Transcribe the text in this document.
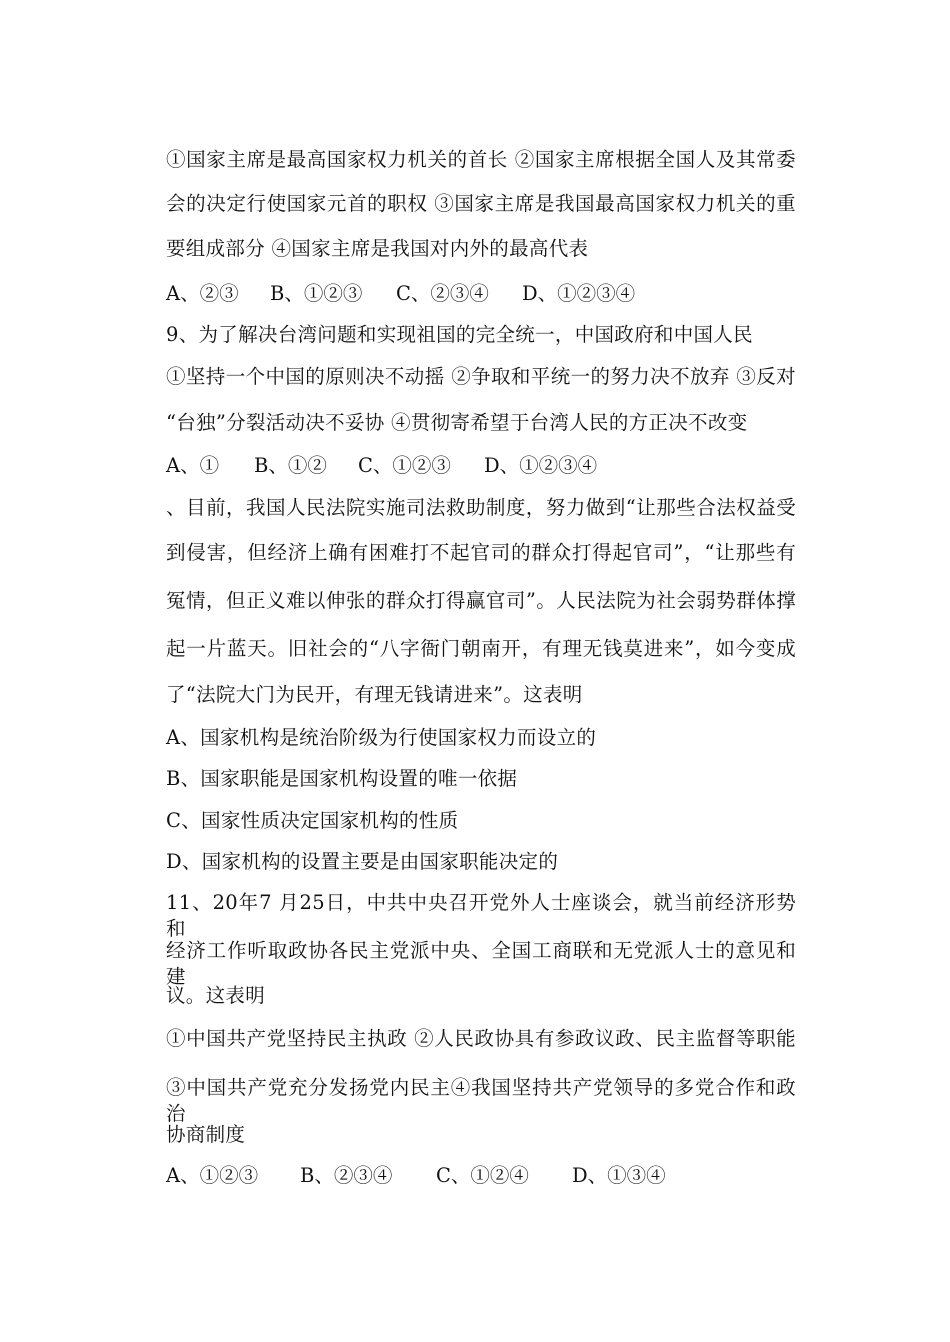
①国家主席是最高国家权力机关的首长 ②国家主席根据全国人及其常委
会的决定行使国家元首的职权 ③国家主席是我国最高国家权力机关的重
要组成部分 ④国家主席是我国对内外的最高代表
A、②③ B、①②③ C、②③④ D、①②③④
9、为了解决台湾问题和实现祖国的完全统一，中国政府和中国人民
①坚持一个中国的原则决不动摇 ②争取和平统一的努力决不放弃 ③反对
“台独”分裂活动决不妥协 ④贯彻寄希望于台湾人民的方正决不改变
A、① B、①② C、①②③ D、①②③④
、目前，我国人民法院实施司法救助制度，努力做到“让那些合法权益受
到侵害，但经济上确有困难打不起官司的群众打得起官司”，“让那些有
冤情，但正义难以伸张的群众打得赢官司”。人民法院为社会弱势群体撑
起一片蓝天。旧社会的“八字衙门朝南开，有理无钱莫进来”，如今变成
了“法院大门为民开，有理无钱请进来”。这表明
A、国家机构是统治阶级为行使国家权力而设立的
B、国家职能是国家机构设置的唯一依据
C、国家性质决定国家机构的性质
D、国家机构的设置主要是由国家职能决定的
11、20年7 月25日，中共中央召开党外人士座谈会，就当前经济形势和
经济工作听取政协各民主党派中央、全国工商联和无党派人士的意见和建
议。这表明
①中国共产党坚持民主执政 ②人民政协具有参政议政、民主监督等职能
③中国共产党充分发扬党内民主④我国坚持共产党领导的多党合作和政治
协商制度
A、①②③ B、②③④ C、①②④ D、①③④
